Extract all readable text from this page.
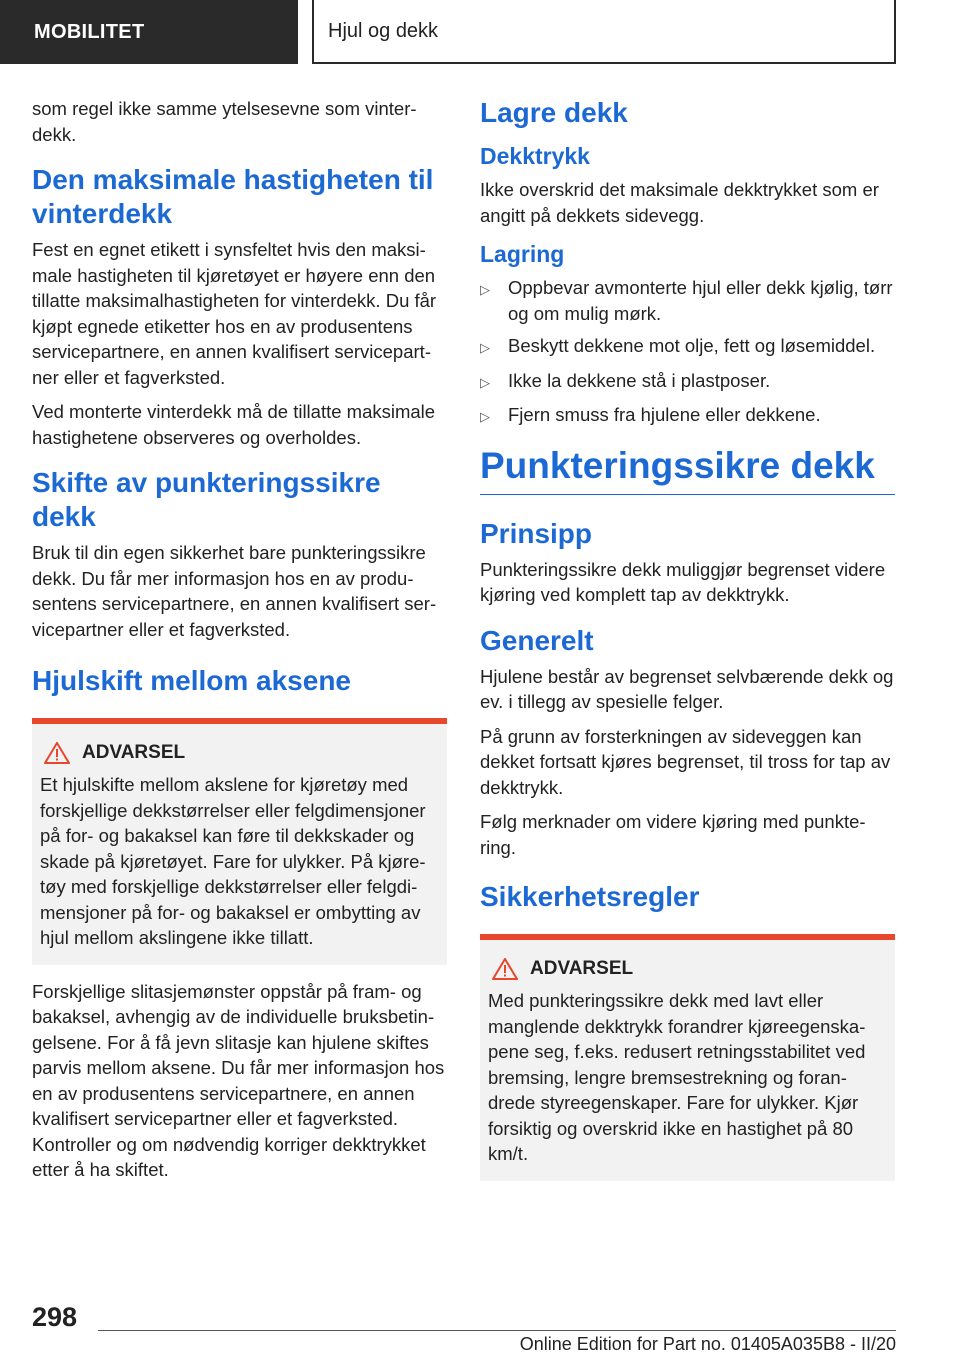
MOBILITET	Hjul og dekk

som regel ikke samme ytelsesevne som vinterdekk.

Den maksimale hastigheten til vinterdekk

Fest en egnet etikett i synsfeltet hvis den maksimale hastigheten til kjøretøyet er høyere enn den tillatte maksimalhastigheten for vinterdekk. Du får kjøpt egnede etiketter hos en av produsentens servicepartnere, en annen kvalifisert servicepartner eller et fagverksted.

Ved monterte vinterdekk må de tillatte maksimale hastighetene observeres og overholdes.

Skifte av punkteringssikre dekk

Bruk til din egen sikkerhet bare punkteringssikre dekk. Du får mer informasjon hos en av produsentens servicepartnere, en annen kvalifisert servicepartner eller et fagverksted.

Hjulskift mellom aksene
ADVARSEL

Et hjulskifte mellom akslene for kjøretøy med forskjellige dekkstørrelser eller felgdimensjoner på for- og bakaksel kan føre til dekkskader og skade på kjøretøyet. Fare for ulykker. På kjøretøy med forskjellige dekkstørrelser eller felgdimensjoner på for- og bakaksel er ombytting av hjul mellom akslingene ikke tillatt.

Forskjellige slitasjemønster oppstår på fram- og bakaksel, avhengig av de individuelle bruksbetingelsene. For å få jevn slitasje kan hjulene skiftes parvis mellom aksene. Du får mer informasjon hos en av produsentens servicepartnere, en annen kvalifisert servicepartner eller et fagverksted. Kontroller og om nødvendig korriger dekktrykket etter å ha skiftet.

Lagre dekk
Dekktrykk

Ikke overskrid det maksimale dekktrykket som er angitt på dekkets sidevegg.

Lagring
▷ Oppbevar avmonterte hjul eller dekk kjølig, tørr og om mulig mørk.
▷ Beskytt dekkene mot olje, fett og løsemiddel.
▷ Ikke la dekkene stå i plastposer.
▷ Fjern smuss fra hjulene eller dekkene.
Punkteringssikre dekk
Prinsipp

Punkteringssikre dekk muliggjør begrenset videre kjøring ved komplett tap av dekktrykk.

Generelt

Hjulene består av begrenset selvbærende dekk og ev. i tillegg av spesielle felger.

På grunn av forsterkningen av sideveggen kan dekket fortsatt kjøres begrenset, til tross for tap av dekktrykk.

Følg merknader om videre kjøring med punktering.

Sikkerhetsregler
ADVARSEL

Med punkteringssikre dekk med lavt eller manglende dekktrykk forandrer kjøreegenskapene seg, f.eks. redusert retningsstabilitet ved bremsing, lengre bremsestrekning og forandrede styreegenskaper. Fare for ulykker. Kjør forsiktig og overskrid ikke en hastighet på 80 km/t.

298
Online Edition for Part no. 01405A035B8 - II/20
